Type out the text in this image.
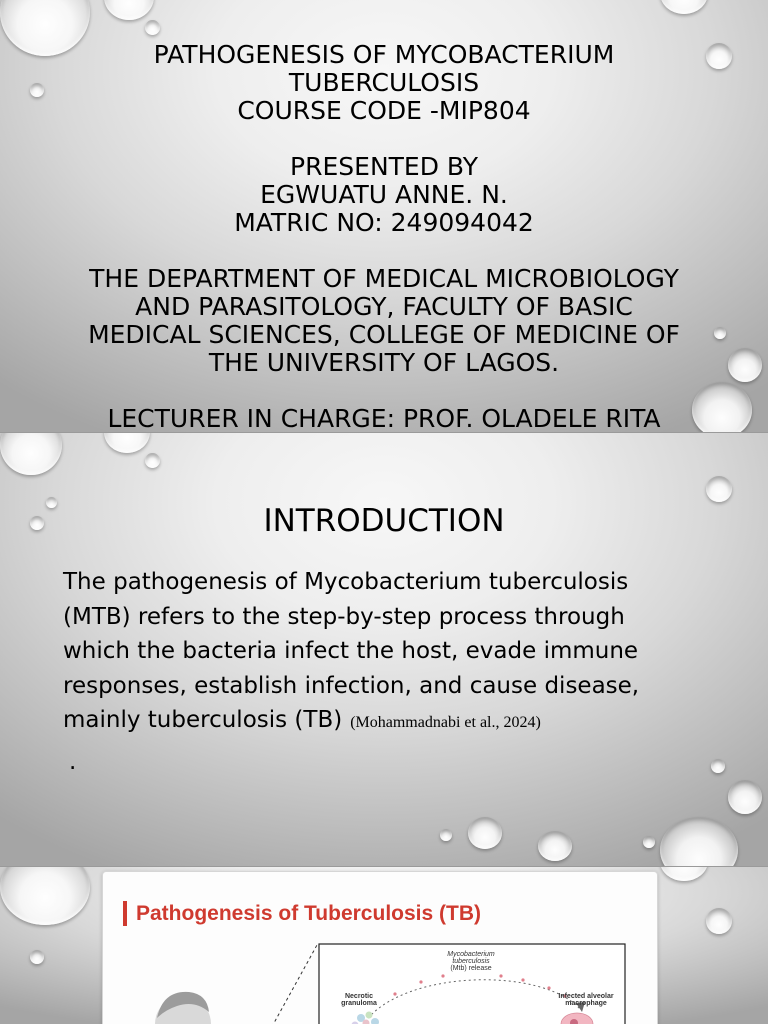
PATHOGENESIS OF MYCOBACTERIUM
TUBERCULOSIS
COURSE CODE -MIP804
PRESENTED BY
EGWUATU ANNE. N.
MATRIC NO: 249094042
THE DEPARTMENT OF MEDICAL MICROBIOLOGY
AND PARASITOLOGY, FACULTY OF BASIC
MEDICAL SCIENCES, COLLEGE OF MEDICINE OF
THE UNIVERSITY OF LAGOS.
LECTURER IN CHARGE: PROF. OLADELE RITA
INTRODUCTION
The pathogenesis of Mycobacterium tuberculosis
(MTB) refers to the step-by-step process through
which the bacteria infect the host, evade immune
responses, establish infection, and cause disease,
mainly tuberculosis (TB) (Mohammadnabi et al., 2024)
.
Pathogenesis of Tuberculosis (TB)
Mycobacterium
tuberculosis
(Mtb) release
Necrotic
granuloma
Infected alveolar
macrophage
